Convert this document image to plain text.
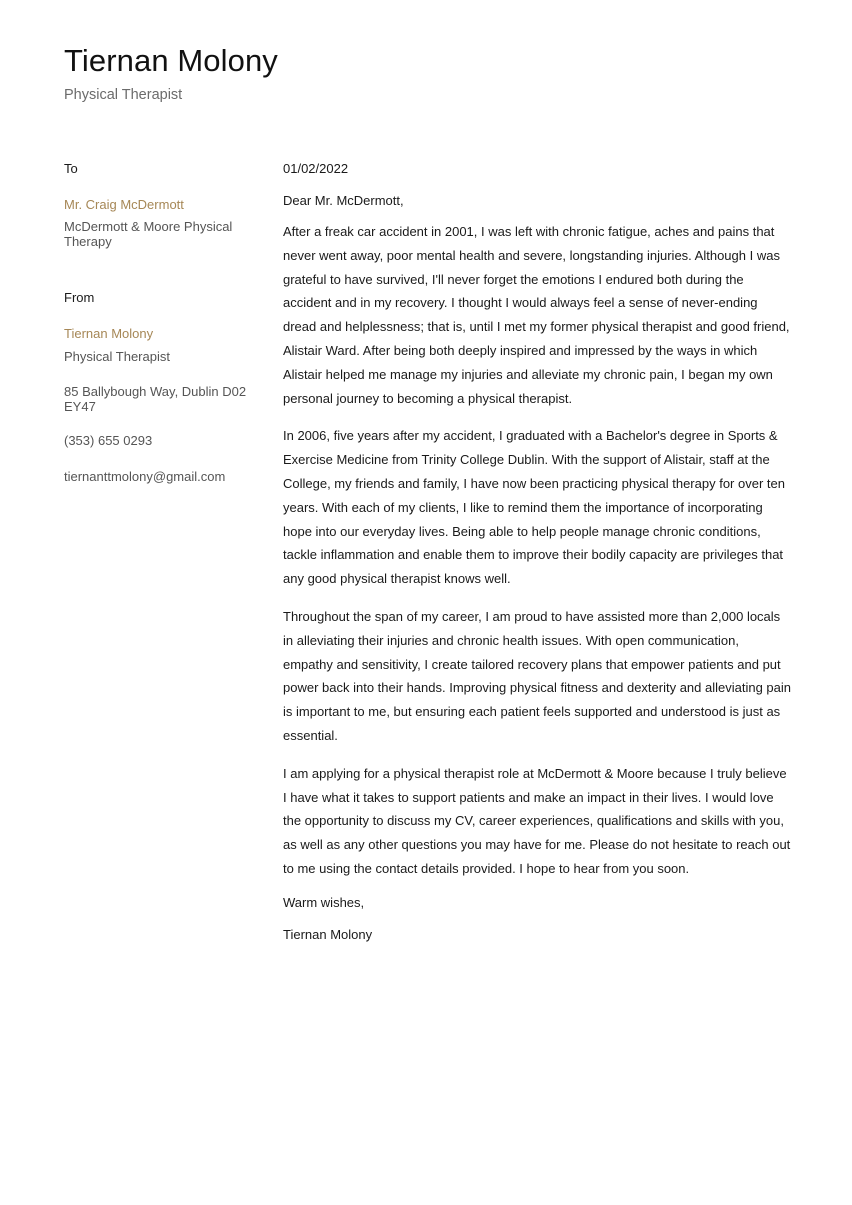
Tiernan Molony
Physical Therapist
To
Mr. Craig McDermott
McDermott & Moore Physical Therapy
From
Tiernan Molony
Physical Therapist
85 Ballybough Way, Dublin D02 EY47
(353) 655 0293
tiernanttmolony@gmail.com
01/02/2022
Dear Mr. McDermott,

After a freak car accident in 2001, I was left with chronic fatigue, aches and pains that never went away, poor mental health and severe, longstanding injuries. Although I was grateful to have survived, I'll never forget the emotions I endured both during the accident and in my recovery. I thought I would always feel a sense of never-ending dread and helplessness; that is, until I met my former physical therapist and good friend, Alistair Ward. After being both deeply inspired and impressed by the ways in which Alistair helped me manage my injuries and alleviate my chronic pain, I began my own personal journey to becoming a physical therapist.

In 2006, five years after my accident, I graduated with a Bachelor's degree in Sports & Exercise Medicine from Trinity College Dublin. With the support of Alistair, staff at the College, my friends and family, I have now been practicing physical therapy for over ten years. With each of my clients, I like to remind them the importance of incorporating hope into our everyday lives. Being able to help people manage chronic conditions, tackle inflammation and enable them to improve their bodily capacity are privileges that any good physical therapist knows well.

Throughout the span of my career, I am proud to have assisted more than 2,000 locals in alleviating their injuries and chronic health issues. With open communication, empathy and sensitivity, I create tailored recovery plans that empower patients and put power back into their hands. Improving physical fitness and dexterity and alleviating pain is important to me, but ensuring each patient feels supported and understood is just as essential.

I am applying for a physical therapist role at McDermott & Moore because I truly believe I have what it takes to support patients and make an impact in their lives. I would love the opportunity to discuss my CV, career experiences, qualifications and skills with you, as well as any other questions you may have for me. Please do not hesitate to reach out to me using the contact details provided. I hope to hear from you soon.

Warm wishes,
Tiernan Molony
